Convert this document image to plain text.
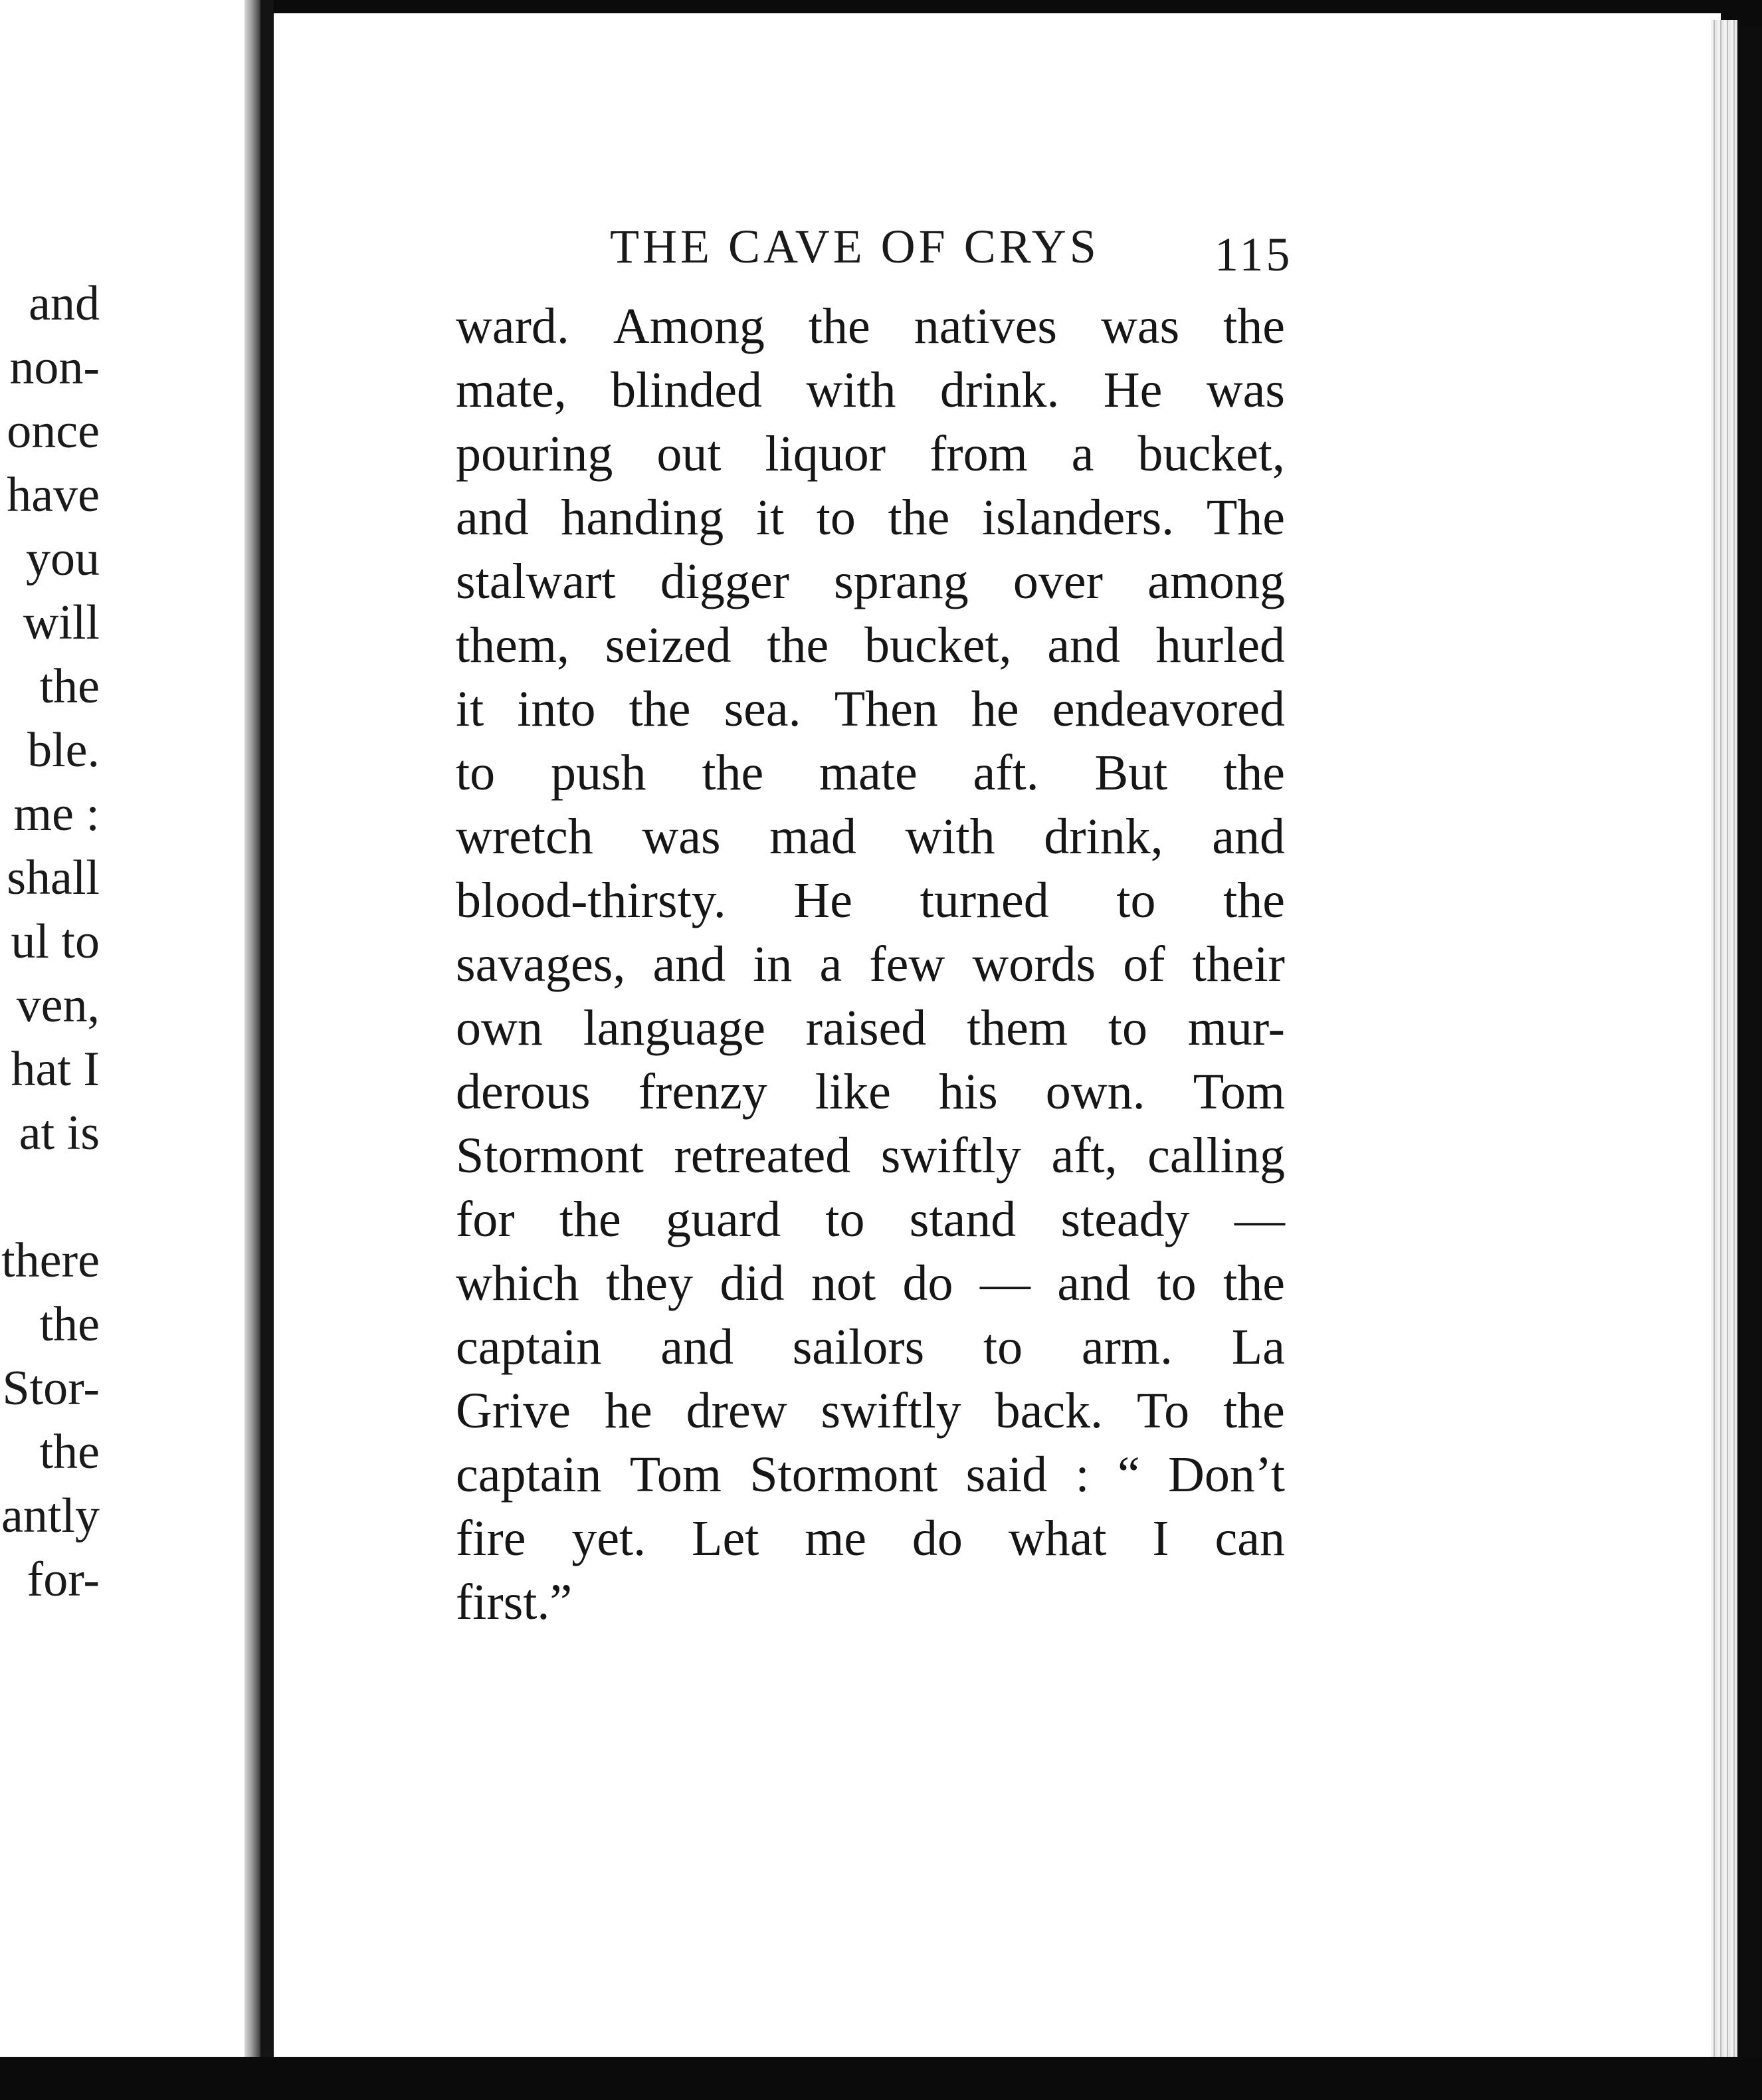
and
non-
once
have
you
will
the
ble.
me :
shall
ul to
ven,
hat I
at is
there
the
Stor-
the
antly
for-
THE CAVE OF CRYS 115
ward. Among the natives was the
mate, blinded with drink. He was
pouring out liquor from a bucket,
and handing it to the islanders. The
stalwart digger sprang over among
them, seized the bucket, and hurled
it into the sea. Then he endeavored
to push the mate aft. But the
wretch was mad with drink, and
blood-thirsty. He turned to the
savages, and in a few words of their
own language raised them to mur-
derous frenzy like his own. Tom
Stormont retreated swiftly aft, calling
for the guard to stand steady —
which they did not do — and to the
captain and sailors to arm. La
Grive he drew swiftly back. To the
captain Tom Stormont said : “ Don’t
fire yet. Let me do what I can
first.”
